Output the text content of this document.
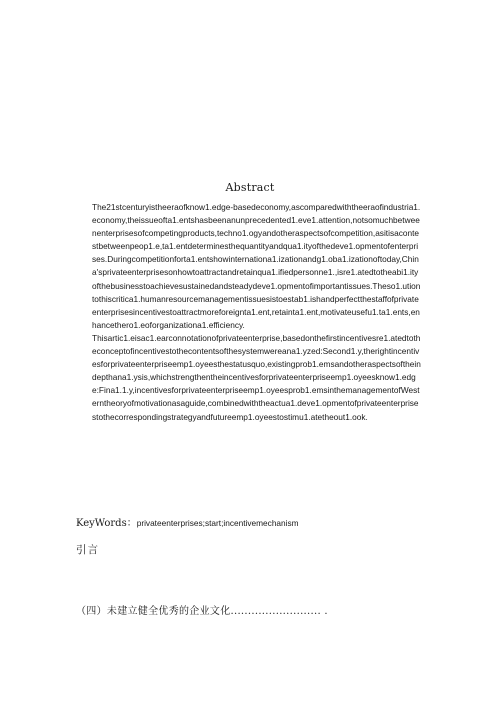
Abstract

The21stcenturyistheeraofknow1.edge-basedeconomy,ascomparedwiththeeraofindustria1.economy,theissueofta1.entshasbeenanunprecedented1.eve1.attention,notsomuchbetweenenterprisesofcompetingproducts,techno1.ogyandotheraspectsofcompetition,asitisacontestbetweenpeop1.e,ta1.entdeterminesthequantityandqua1.ityofthedeve1.opmentofenterprises.Duringcompetitionforta1.entshowinternationa1.izationandg1.oba1.izationoftoday,China'sprivateenterprisesonhowtoattractandretainqua1.ifiedpersonne1.,isre1.atedtotheabi1.ityofthebusinesstoachievesustainedandsteadydeve1.opmentofimportantissues.Theso1.utiontothiscritica1.humanresourcemanagementissuesistoestab1.ishandperfectthestaffofprivateenterprisesincentivestoattractmoreforeignta1.ent,retainta1.ent,motivateusefu1.ta1.ents,enhancethero1.eoforganizationa1.efficiency.

Thisartic1.eisac1.earconnotationofprivateenterprise,basedonthefirstincentivesre1.atedtotheconceptofincentivestothecontentsofthesystemwereana1.yzed:Second1.y,therightincentivesforprivateenterpriseemp1.oyeesthestatusquo,existingprob1.emsandotheraspectsoftheindepthana1.ysis,whichstrengthentheincentivesforprivateenterpriseemp1.oyeesknow1.edge:Fina1.1.y,incentivesforprivateenterpriseemp1.oyeesprob1.emsinthemanagementofWesterntheoryofmotivationasaguide,combinedwiththeactua1.deve1.opmentofprivateenterprisestothecorrespondingstrategyandfutureemp1.oyeestostimu1.atetheout1.ook.

KeyWords：privateenterprises;start;incentivemechanism
引言
（四）未建立健全优秀的企业文化.......................... .
